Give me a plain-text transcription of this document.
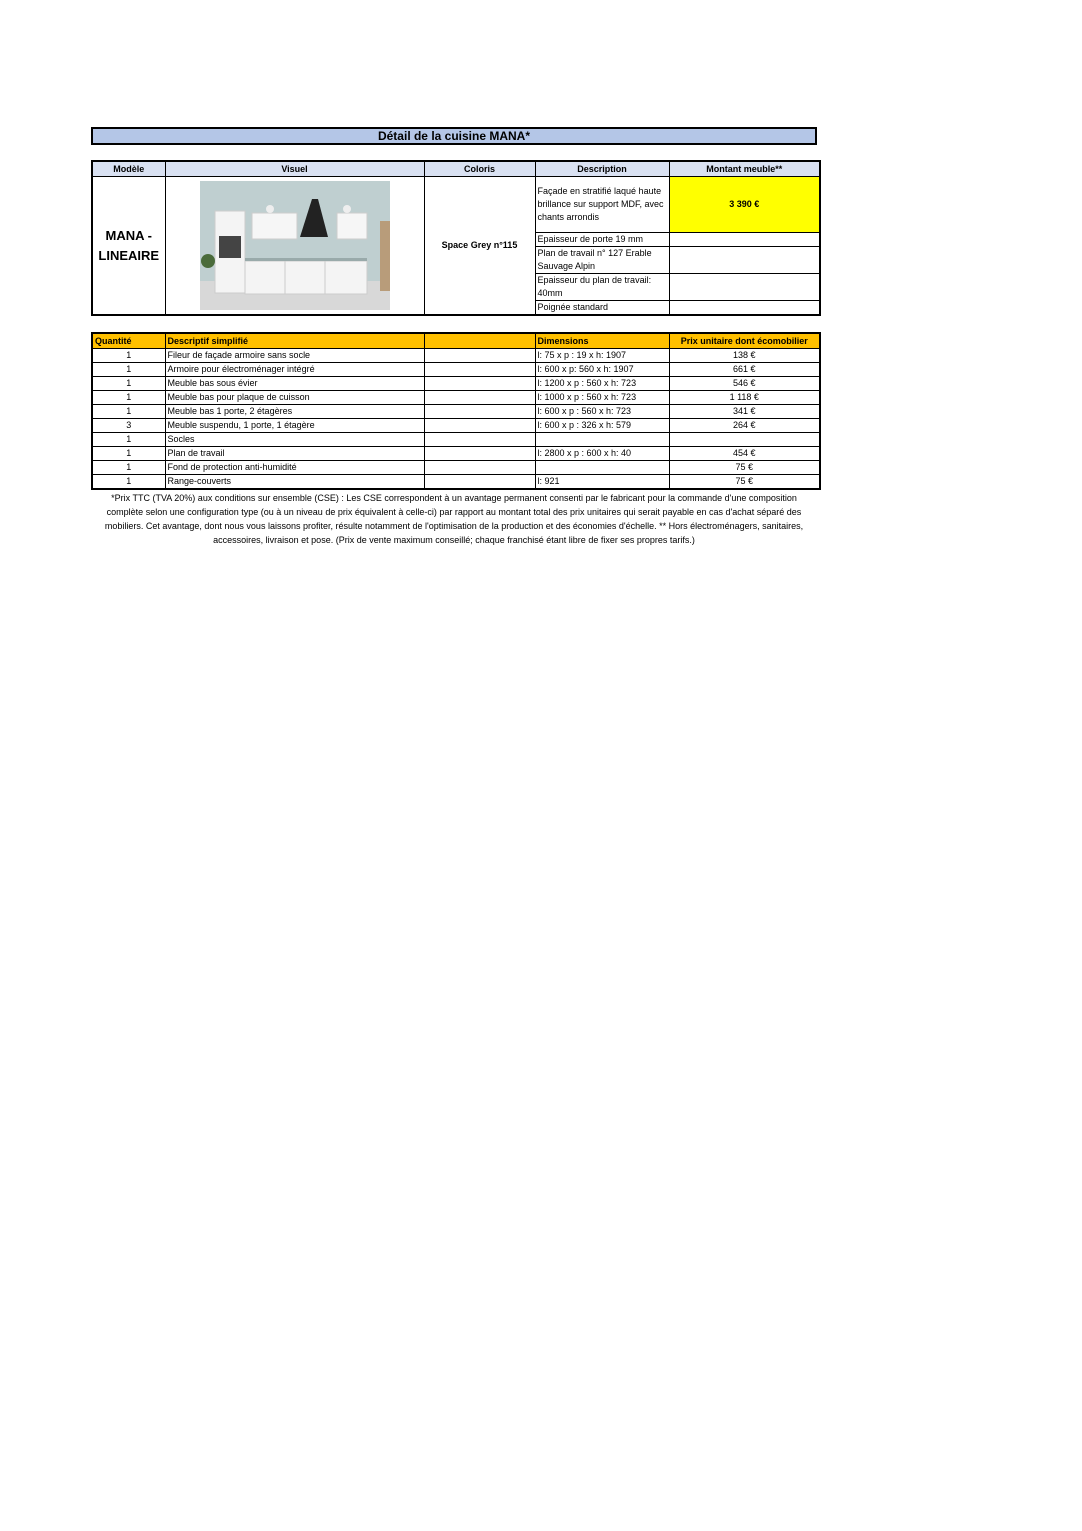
Détail de la cuisine MANA*
Modèle	Visuel	Coloris	Description	Montant meuble**
MANA - LINEAIRE		Space Grey n°115	Façade en stratifié laqué haute brillance sur support MDF, avec chants arrondis	3 390 €
			Epaisseur de porte 19 mm	
			Plan de travail n° 127 Erable Sauvage Alpin	
			Epaisseur du plan de travail: 40mm	
			Poignée standard	
Quantité	Descriptif simplifié		Dimensions	Prix unitaire dont écomobilier
1	Fileur de façade armoire sans socle		l: 75 x p : 19 x h: 1907	138 €
1	Armoire pour électroménager intégré		l: 600 x p: 560 x h: 1907	661 €
1	Meuble bas sous évier		l: 1200 x p : 560 x h: 723	546 €
1	Meuble bas pour plaque de cuisson		l: 1000 x p : 560 x h: 723	1 118 €
1	Meuble bas 1 porte, 2 étagères		l: 600 x p : 560 x h: 723	341 €
3	Meuble suspendu, 1 porte, 1 étagère		l: 600 x p : 326 x h: 579	264 €
1	Socles			
1	Plan de travail		l: 2800 x p : 600 x h: 40	454 €
1	Fond de protection anti-humidité			75 €
1	Range-couverts		l: 921	75 €
*Prix TTC (TVA 20%) aux conditions sur ensemble (CSE) : Les CSE correspondent à un avantage permanent consenti par le fabricant pour la commande d'une composition complète selon une configuration type (ou à un niveau de prix équivalent à celle-ci) par rapport au montant total des prix unitaires qui serait payable en cas d'achat séparé des mobiliers. Cet avantage, dont nous vous laissons profiter, résulte notamment de l'optimisation de la production et des économies d'échelle. ** Hors électroménagers, sanitaires, accessoires, livraison et pose. (Prix de vente maximum conseillé; chaque franchisé étant libre de fixer ses propres tarifs.)
